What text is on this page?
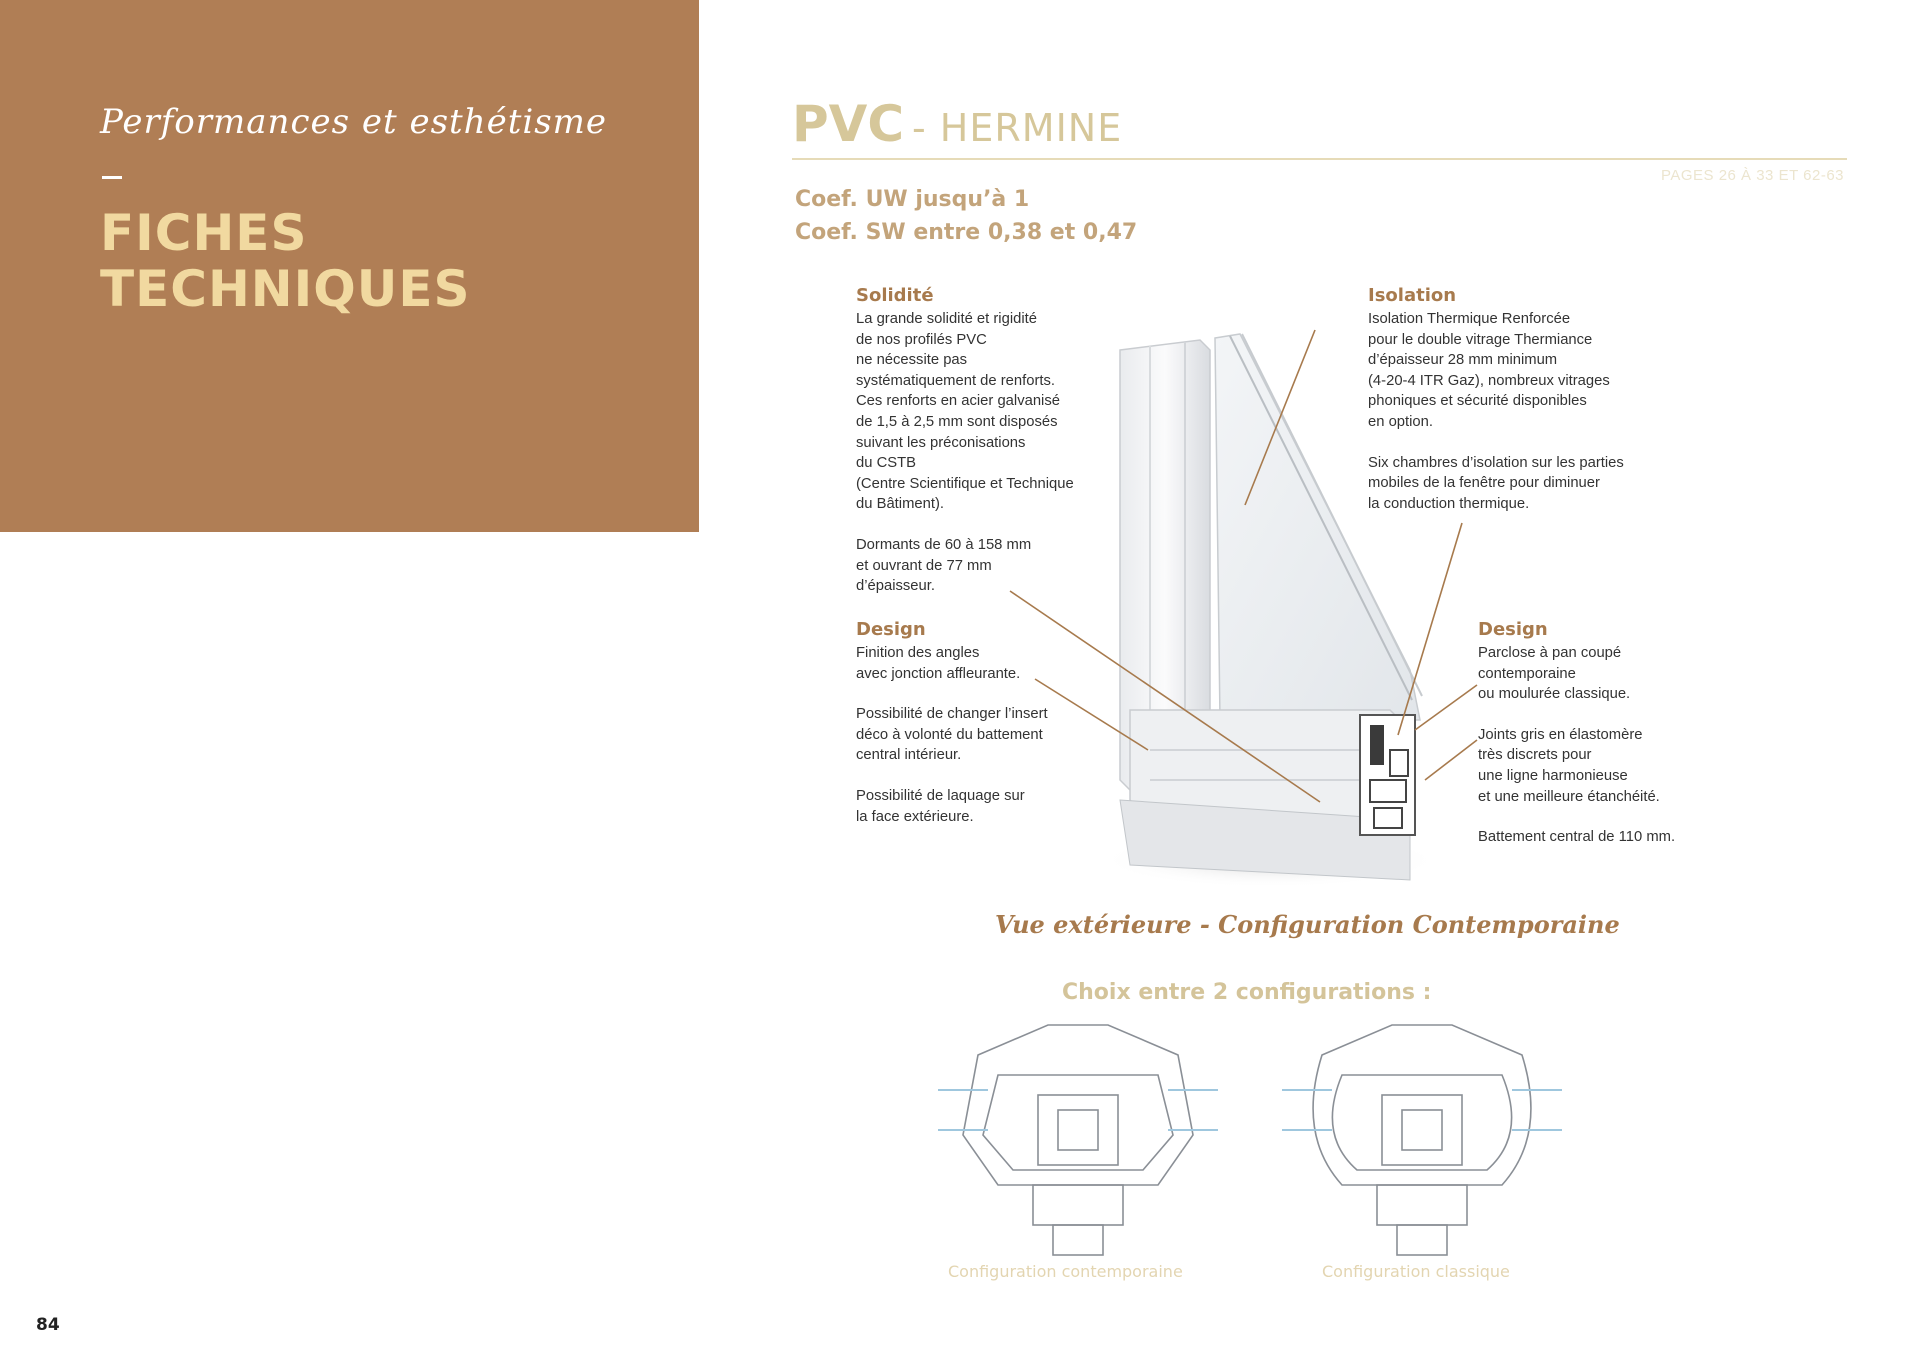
Performances et esthétisme
FICHES
TECHNIQUES
PVC - HERMINE
PAGES 26 À 33 ET 62-63
Coef. UW jusqu’à 1
Coef. SW entre 0,38 et 0,47
Solidité

La grande solidité et rigidité
de nos profilés PVC
ne nécessite pas
systématiquement de renforts.
Ces renforts en acier galvanisé
de 1,5 à 2,5 mm sont disposés
suivant les préconisations
du CSTB
(Centre Scientifique et Technique
du Bâtiment).

Dormants de 60 à 158 mm
et ouvrant de 77 mm
d’épaisseur.

Design

Finition des angles
avec jonction affleurante.

Possibilité de changer l’insert
déco à volonté du battement
central intérieur.

Possibilité de laquage sur
la face extérieure.

Isolation

Isolation Thermique Renforcée
pour le double vitrage Thermiance
d’épaisseur 28 mm minimum
(4-20-4 ITR Gaz), nombreux vitrages
phoniques et sécurité disponibles
en option.

Six chambres d’isolation sur les parties
mobiles de la fenêtre pour diminuer
la conduction thermique.

Design

Parclose à pan coupé
contemporaine
ou moulurée classique.

Joints gris en élastomère
très discrets pour
une ligne harmonieuse
et une meilleure étanchéité.

Battement central de 110 mm.

Vue extérieure - Configuration Contemporaine
Choix entre 2 configurations :
Configuration contemporaine	Configuration classique
84
